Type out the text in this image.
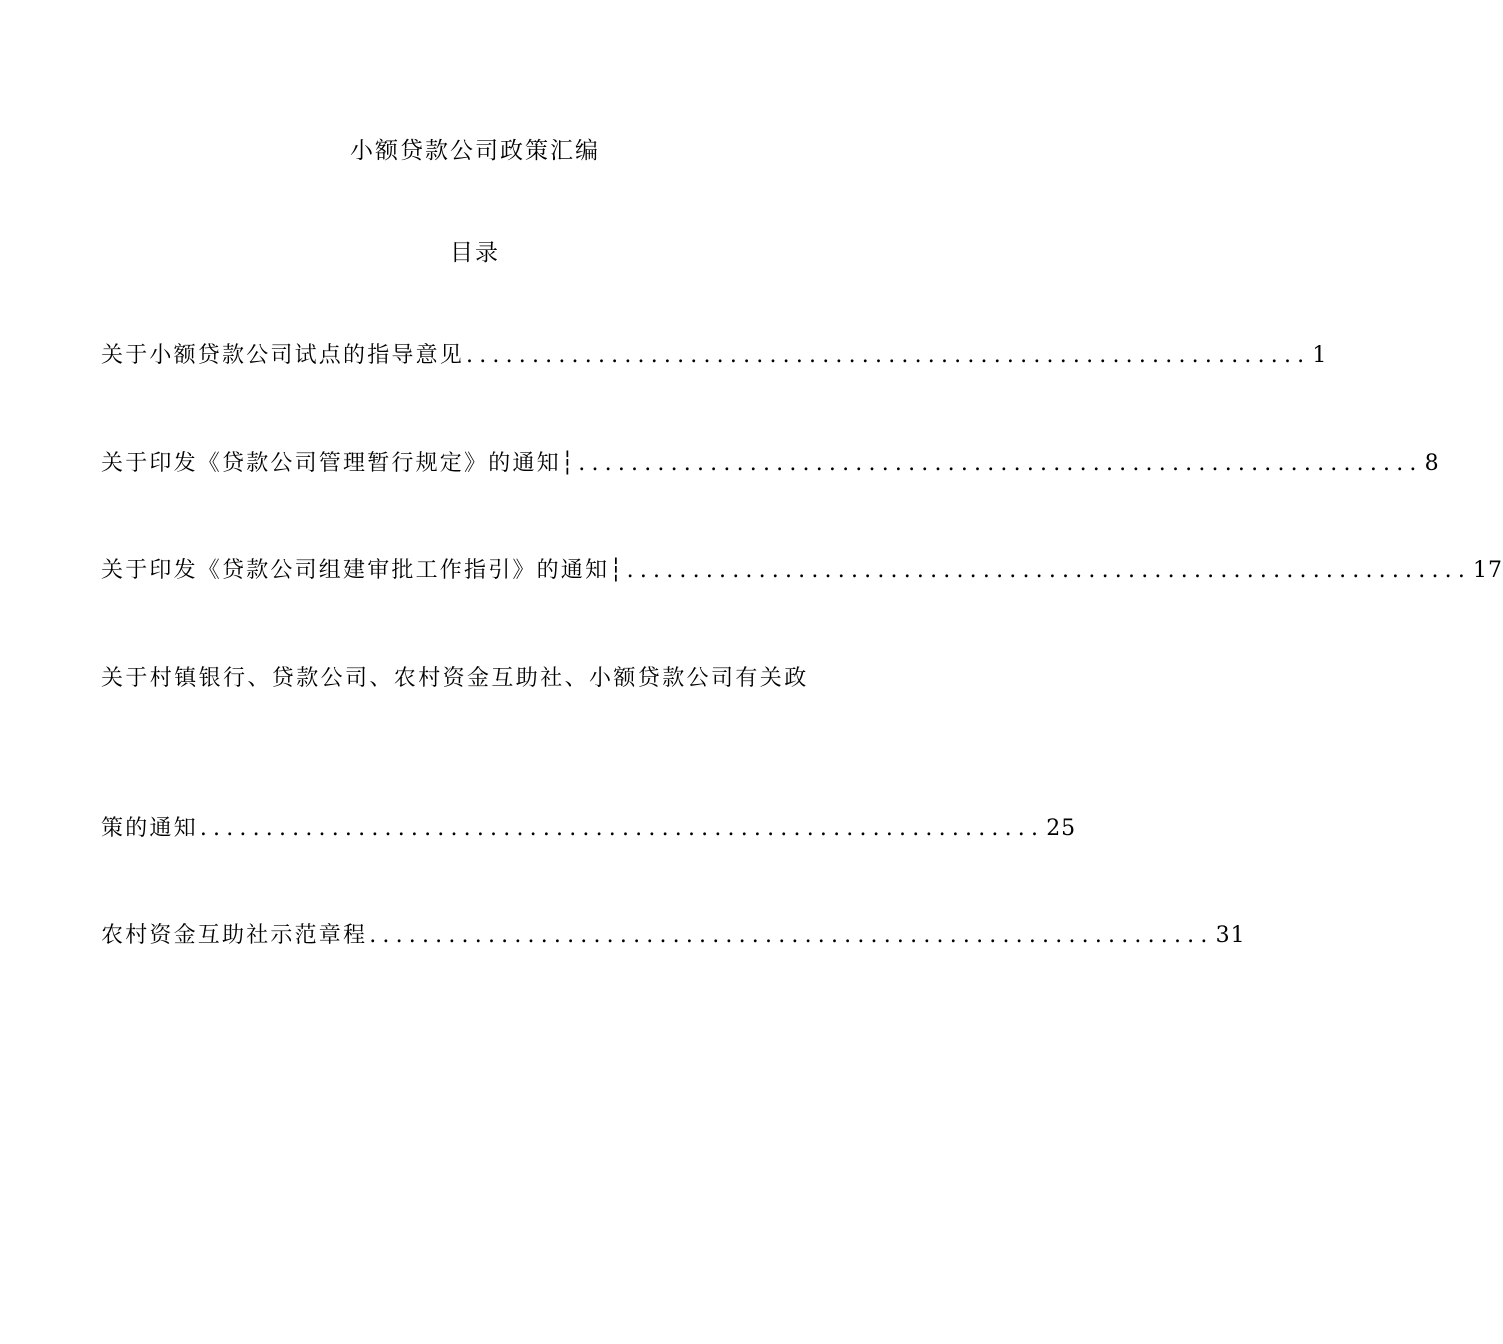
小额贷款公司政策汇编
目录
关于小额贷款公司试点的指导意见 ................................................................ 1
关于印发《贷款公司管理暂行规定》的通知┆ ................................................................ 8
关于印发《贷款公司组建审批工作指引》的通知┆ ................................................................ 17
关于村镇银行、贷款公司、农村资金互助社、小额贷款公司有关政
策的通知 ................................................................ 25
农村资金互助社示范章程 ................................................................ 31
